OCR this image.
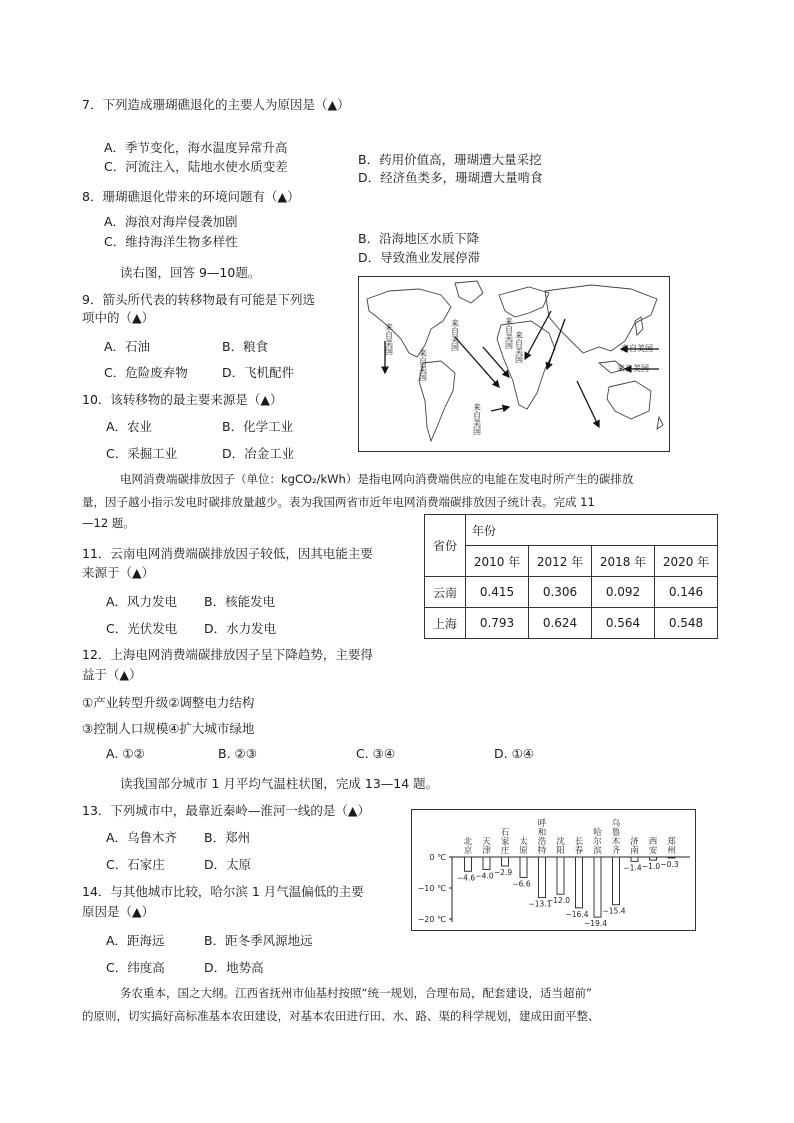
7．下列造成珊瑚礁退化的主要人为原因是（▲）
A．季节变化，海水温度异常升高
C．河流注入，陆地水使水质变差	B．药用价值高，珊瑚遭大量采挖
D．经济鱼类多，珊瑚遭大量啃食
8．珊瑚礁退化带来的环境问题有（▲）
A．海浪对海岸侵袭加剧
C．维持海洋生物多样性	B．沿海地区水质下降
D．导致渔业发展停滞
读右图，回答 9—10题。
9．箭头所代表的转移物最有可能是下列选
项中的（▲）
A．石油	B．粮食
C．危险废弃物	D．飞机配件
10．该转移物的最主要来源是（▲）
A．农业	B．化学工业
C．采掘工业	D．冶金工业
来自美国	来自美国
来自美国
来自美国 来自美国	来自美国
来自美国
来自美国
电网消费端碳排放因子（单位：kgCO₂/kWh）是指电网向消费端供应的电能在发电时所产生的碳排放
量，因子越小指示发电时碳排放量越少。表为我国两省市近年电网消费端碳排放因子统计表。完成 11
—12 题。
11．云南电网消费端碳排放因子较低，因其电能主要
来源于（▲）
A．风力发电 B．核能发电
C．光伏发电 D．水力发电
省份	年份			
	2010 年	2012 年	2018 年	2020 年
云南	0.415	0.306	0.092	0.146
上海	0.793	0.624	0.564	0.548
12．上海电网消费端碳排放因子呈下降趋势，主要得
益于（▲）
①产业转型升级②调整电力结构
③控制人口规模④扩大城市绿地
A. ①②	B. ②③	C. ③④	D. ①④
读我国部分城市 1 月平均气温柱状图，完成 13—14 题。
13．下列城市中，最靠近秦岭—淮河一线的是（▲）
A．乌鲁木齐 B．郑州
C．石家庄	D．太原
14．与其他城市比较，哈尔滨 1 月气温偏低的主要
原因是（▲）
A．距海远	B．距冬季风源地远
C．纬度高	D．地势高
0 ℃
−10 ℃
−20 ℃
北京
−4.6
天津
−4.0
石家庄
−2.9
太原
−6.6
呼和浩特
−13.1
沈阳
−12.0
长春
−16.4
哈尔滨
−19.4
乌鲁木齐
−15.4
济南
−1.4
西安
−1.0
郑州
−0.3
务农重本，国之大纲。江西省抚州市仙基村按照“统一规划，合理布局，配套建设，适当超前”
的原则，切实搞好高标准基本农田建设，对基本农田进行田、水、路、渠的科学规划，建成田面平整、
